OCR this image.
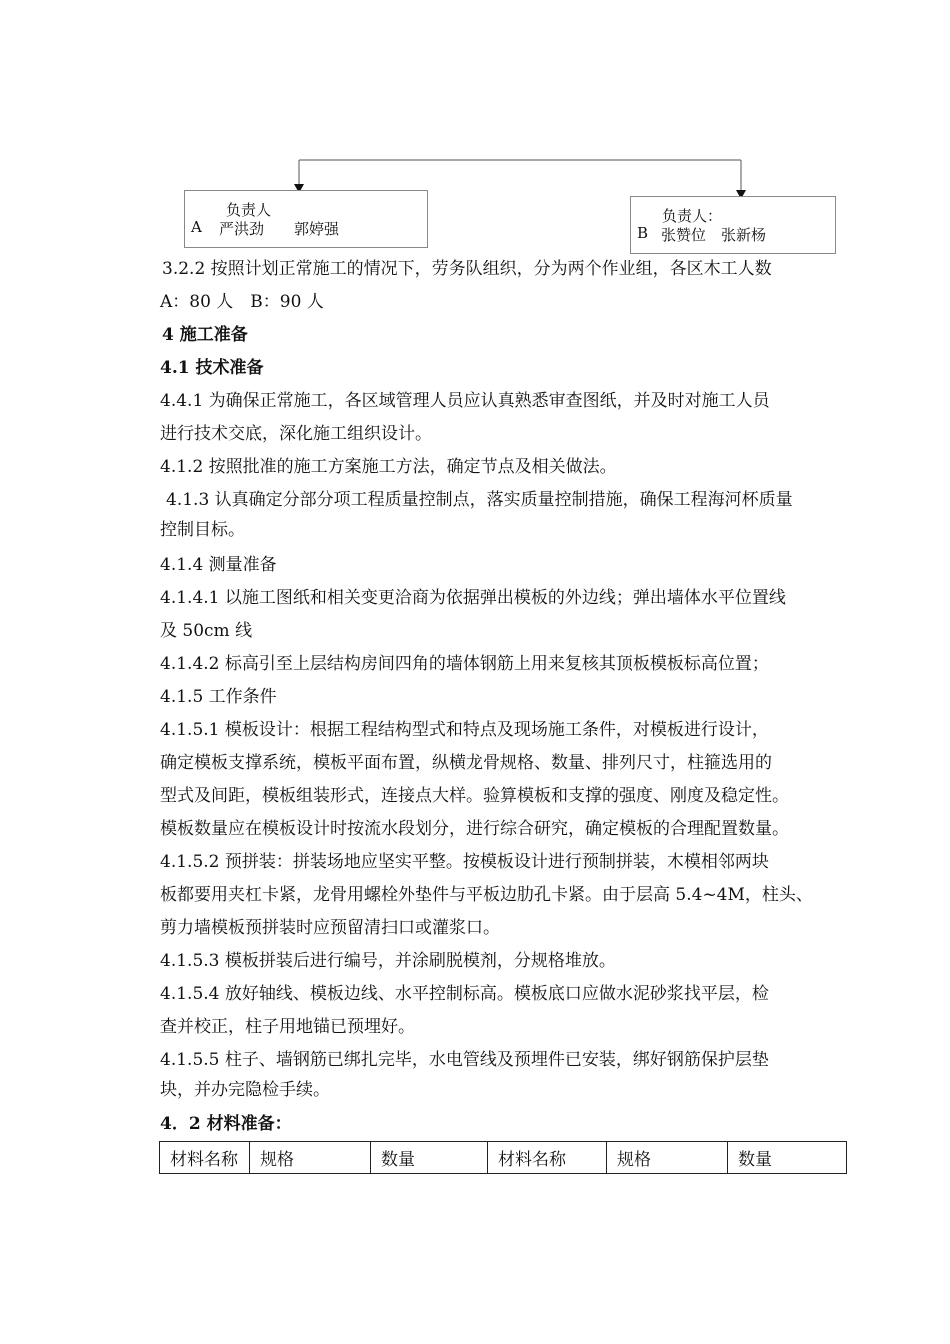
负责人
A 严洪劲　　郭婷强
负责人：
B 张赞位　张新杨
3.2.2 按照计划正常施工的情况下，劳务队组织，分为两个作业组，各区木工人数
A：80 人　B：90 人
4 施工准备
4.1 技术准备
4.4.1 为确保正常施工，各区域管理人员应认真熟悉审查图纸，并及时对施工人员
进行技术交底，深化施工组织设计。
4.1.2 按照批准的施工方案施工方法，确定节点及相关做法。
4.1.3 认真确定分部分项工程质量控制点，落实质量控制措施，确保工程海河杯质量
控制目标。
4.1.4 测量准备
4.1.4.1 以施工图纸和相关变更洽商为依据弹出模板的外边线；弹出墙体水平位置线
及 50cm 线
4.1.4.2 标高引至上层结构房间四角的墙体钢筋上用来复核其顶板模板标高位置；
4.1.5 工作条件
4.1.5.1 模板设计：根据工程结构型式和特点及现场施工条件，对模板进行设计，
确定模板支撑系统，模板平面布置，纵横龙骨规格、数量、排列尺寸，柱箍选用的
型式及间距，模板组装形式，连接点大样。验算模板和支撑的强度、刚度及稳定性。
模板数量应在模板设计时按流水段划分，进行综合研究，确定模板的合理配置数量。
4.1.5.2 预拼装：拼装场地应坚实平整。按模板设计进行预制拼装，木模相邻两块
板都要用夹杠卡紧，龙骨用螺栓外垫件与平板边肋孔卡紧。由于层高 5.4~4M，柱头、
剪力墙模板预拼装时应预留清扫口或灌浆口。
4.1.5.3 模板拼装后进行编号，并涂刷脱模剂，分规格堆放。
4.1.5.4 放好轴线、模板边线、水平控制标高。模板底口应做水泥砂浆找平层，检
查并校正，柱子用地锚已预埋好。
4.1.5.5 柱子、墙钢筋已绑扎完毕，水电管线及预埋件已安装，绑好钢筋保护层垫
块，并办完隐检手续。
4．2 材料准备：
材料名称	规格	数量	材料名称	规格	数量
